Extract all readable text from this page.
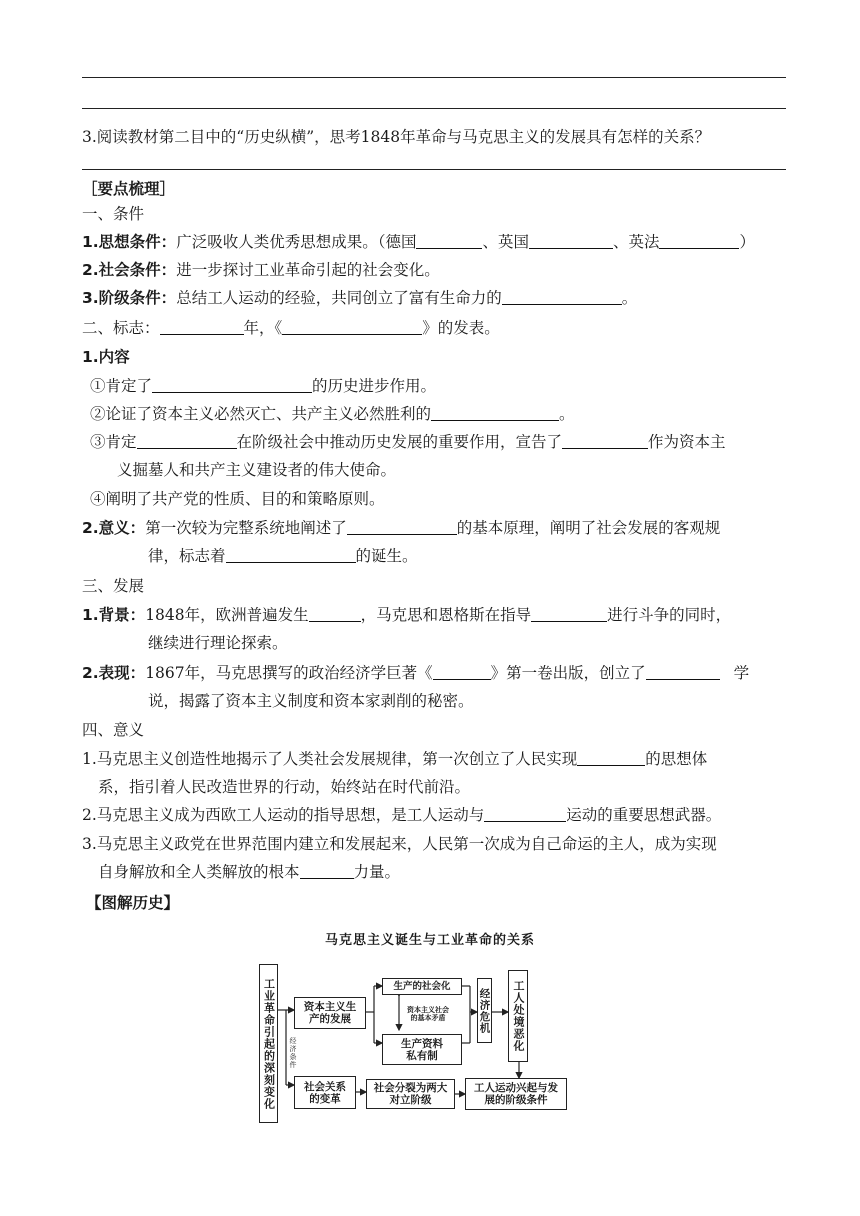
3.阅读教材第二目中的“历史纵横”，思考1848年革命与马克思主义的发展具有怎样的关系？
［要点梳理］
一、条件
1.思想条件：广泛吸收人类优秀思想成果。（德国	、英国	、英法	）
2.社会条件：进一步探讨工业革命引起的社会变化。
3.阶级条件：总结工人运动的经验，共同创立了富有生命力的	。
二、标志：	年，《	》的发表。
1.内容
①肯定了	的历史进步作用。
②论证了资本主义必然灭亡、共产主义必然胜利的	。
③肯定	在阶级社会中推动历史发展的重要作用，宣告了	作为资本主
义掘墓人和共产主义建设者的伟大使命。
④阐明了共产党的性质、目的和策略原则。
2.意义：第一次较为完整系统地阐述了	的基本原理，阐明了社会发展的客观规
律，标志着	的诞生。
三、发展
1.背景：1848年，欧洲普遍发生	，马克思和恩格斯在指导	进行斗争的同时，
继续进行理论探索。
2.表现：1867年，马克思撰写的政治经济学巨著《	》第一卷出版，创立了	学
说，揭露了资本主义制度和资本家剥削的秘密。
四、意义
1.马克思主义创造性地揭示了人类社会发展规律，第一次创立了人民实现	的思想体
系，指引着人民改造世界的行动，始终站在时代前沿。
2.马克思主义成为西欧工人运动的指导思想，是工人运动与	运动的重要思想武器。
3.马克思主义政党在世界范围内建立和发展起来，人民第一次成为自己命运的主人，成为实现
自身解放和全人类解放的根本	力量。
【图解历史】
马克思主义诞生与工业革命的关系
工业革命引起的深刻变化	经济条件
资本主义生产的发展
生产的社会化
资本主义社会的基本矛盾
生产资料私有制
经济危机	工人处境恶化
社会关系的变革
社会分裂为两大对立阶级
工人运动兴起与发展的阶级条件
